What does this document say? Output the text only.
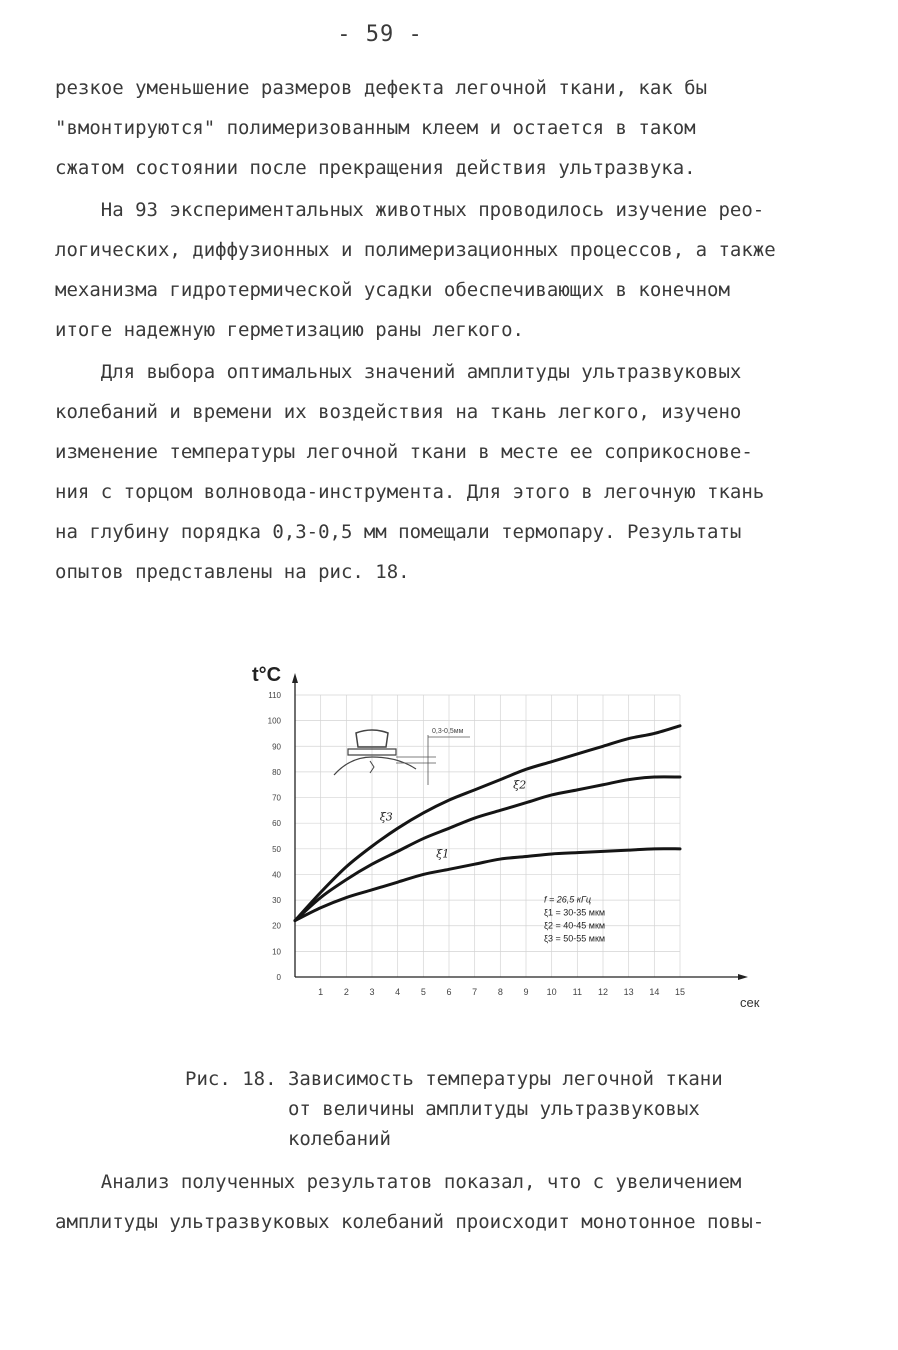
- 59 -
резкое уменьшение размеров дефекта легочной ткани, как бы
"вмонтируются" полимеризованным клеем и остается в таком
сжатом состоянии после прекращения действия ультразвука.
На 93 экспериментальных животных проводилось изучение рео-
логических, диффузионных и полимеризационных процессов, а также
механизма гидротермической усадки обеспечивающих в конечном
итоге надежную герметизацию раны легкого.
Для выбора оптимальных значений амплитуды ультразвуковых
колебаний и времени их воздействия на ткань легкого, изучено
изменение температуры легочной ткани в месте ее соприкоснове-
ния с торцом волновода-инструмента. Для этого в легочную ткань
на глубину порядка 0,3-0,5 мм помещали термопару. Результаты
опытов представлены на рис. 18.
t°C
сек
0
10
20
30
40
50
60
70
80
90
100
110
1 2 3 4 5 6 7 8 9 10 11 12 13 14 15
ξ1
ξ2
ξ3
0,3-0,5мм
f = 26,5 кГц
ξ1 = 30-35 мкм
ξ2 = 40-45 мкм
ξ3 = 50-55 мкм
Рис. 18. Зависимость температуры легочной ткани
от величины амплитуды ультразвуковых
колебаний
Анализ полученных результатов показал, что с увеличением
амплитуды ультразвуковых колебаний происходит монотонное повы-
